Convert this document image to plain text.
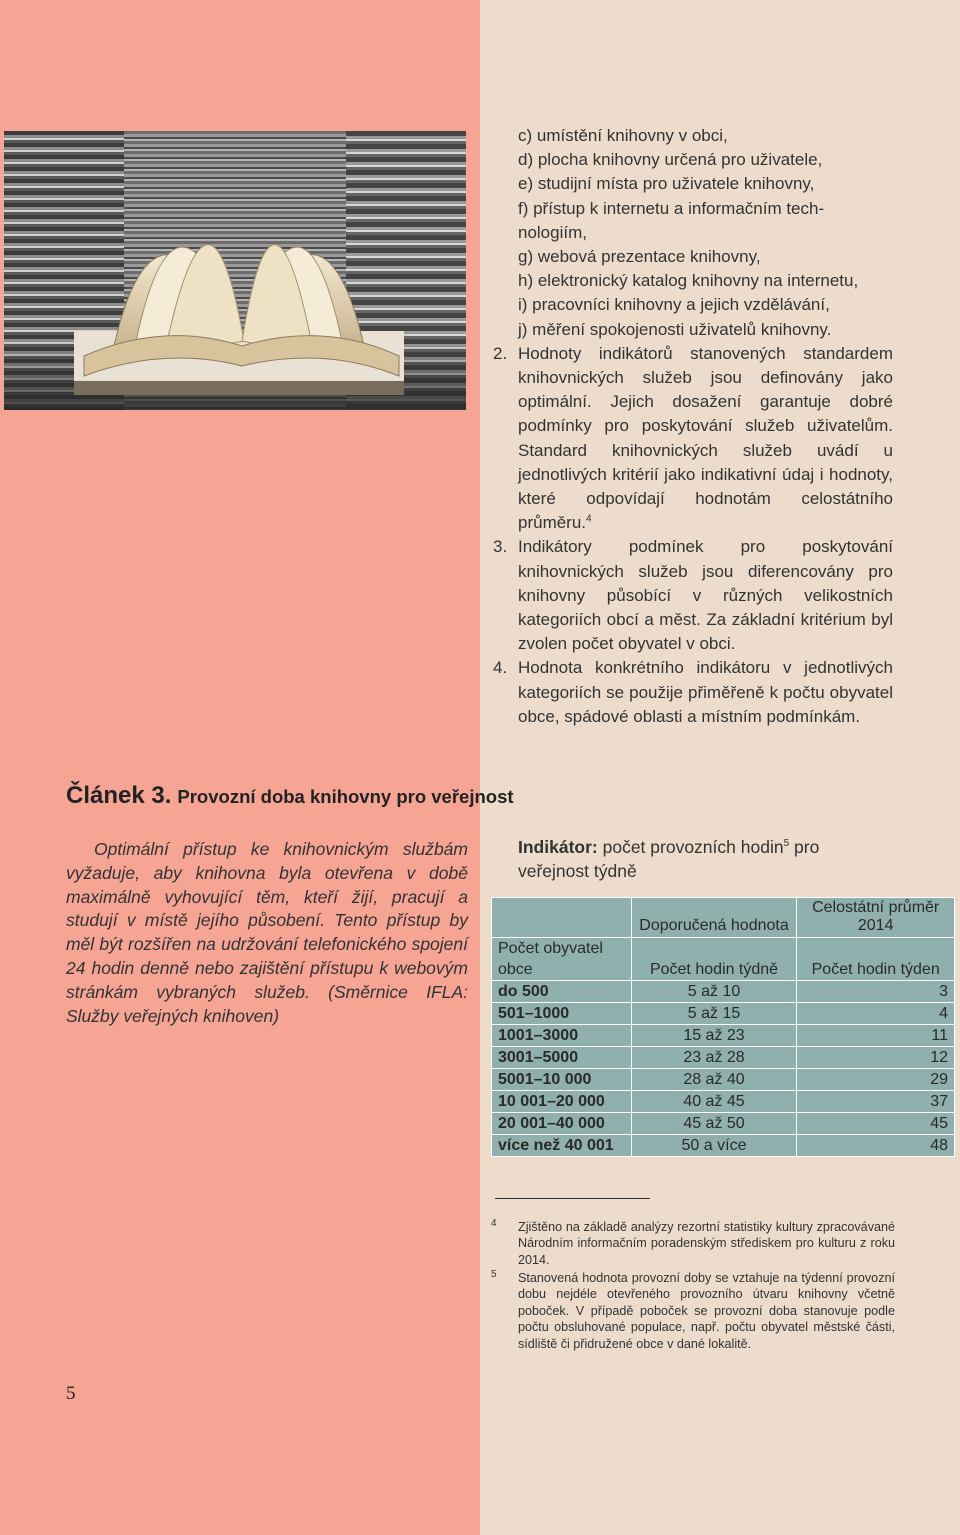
c) umístění knihovny v obci,
d) plocha knihovny určená pro uživatele,
e) studijní místa pro uživatele knihovny,
f) přístup k internetu a informačním tech-
nologiím,
g) webová prezentace knihovny,
h) elektronický katalog knihovny na internetu,
i) pracovníci knihovny a jejich vzdělávání,
j) měření spokojenosti uživatelů knihovny.
2. Hodnoty indikátorů stanovených standardem knihovnických služeb jsou definovány jako optimální. Jejich dosažení garantuje dobré podmínky pro poskytování služeb uživatelům. Standard knihovnických služeb uvádí u jednotlivých kritérií jako indikativní údaj i hodnoty, které odpovídají hodnotám celostátního průměru.$^4$
3. Indikátory podmínek pro poskytování knihovnických služeb jsou diferencovány pro knihovny působící v různých velikostních kategoriích obcí a měst. Za základní kritérium byl zvolen počet obyvatel v obci.
4. Hodnota konkrétního indikátoru v jednotlivých kategoriích se použije přiměřeně k počtu obyvatel obce, spádové oblasti a místním podmínkám.
Článek 3. Provozní doba knihovny pro veřejnost
Optimální přístup ke knihovnickým službám vyžaduje, aby knihovna byla otevřena v době maximálně vyhovující těm, kteří žijí, pracují a studují v místě jejího působení. Tento přístup by měl být rozšířen na udržování telefonického spojení 24 hodin denně nebo zajištění přístupu k webovým stránkám vybraných služeb. (Směrnice IFLA: Služby veřejných knihoven)
Indikátor: počet provozních hodin$^5$ pro veřejnost týdně
	Doporučená hodnota	Celostátní průměr 2014
Počet obyvatel obce	Počet hodin týdně	Počet hodin týden
do 500	5 až 10	3
501–1000	5 až 15	4
1001–3000	15 až 23	11
3001–5000	23 až 28	12
5001–10 000	28 až 40	29
10 001–20 000	40 až 45	37
20 001–40 000	45 až 50	45
více než 40 001	50 a více	48
4	Zjištěno na základě analýzy rezortní statistiky kultury zpracovávané Národním informačním poradenským střediskem pro kulturu z roku 2014.
5	Stanovená hodnota provozní doby se vztahuje na týdenní provozní dobu nejdéle otevřeného provozního útvaru knihovny včetně poboček. V případě poboček se provozní doba stanovuje podle počtu obsluhované populace, např. počtu obyvatel městské části, sídliště či přidružené obce v dané lokalitě.
5
